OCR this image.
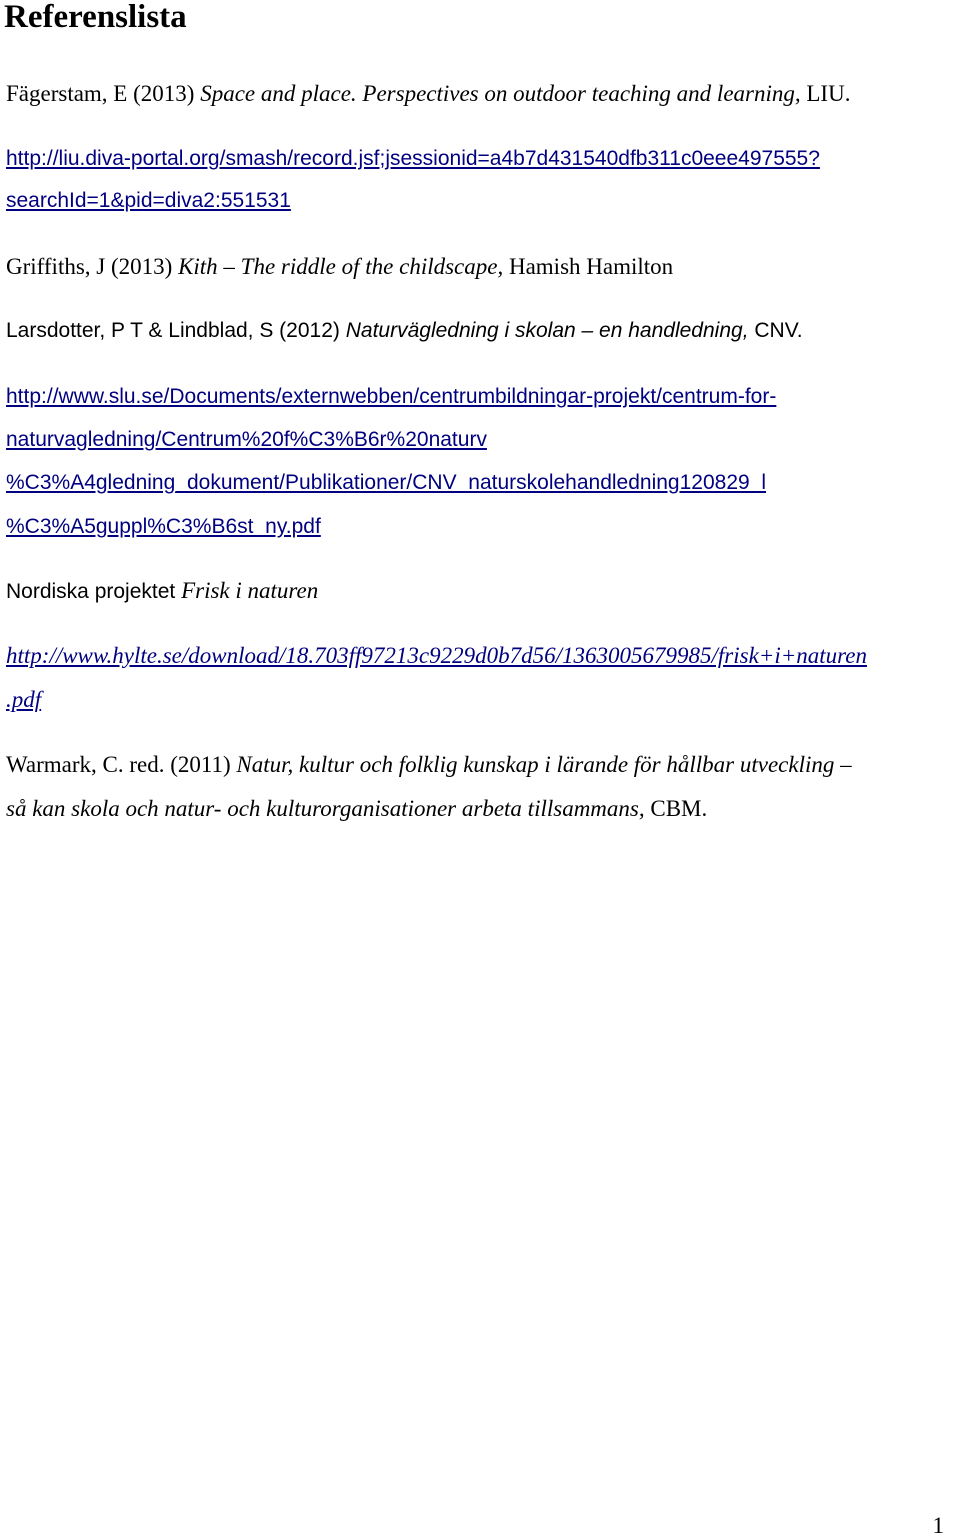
Referenslista
Fägerstam, E (2013) Space and place. Perspectives on outdoor teaching and learning, LIU.
http://liu.diva-portal.org/smash/record.jsf;jsessionid=a4b7d431540dfb311c0eee497555?
searchId=1&pid=diva2:551531
Griffiths, J (2013) Kith – The riddle of the childscape, Hamish Hamilton
Larsdotter, P T & Lindblad, S (2012) Naturvägledning i skolan – en handledning, CNV.
http://www.slu.se/Documents/externwebben/centrumbildningar-projekt/centrum-for-
naturvagledning/Centrum%20f%C3%B6r%20naturv
%C3%A4gledning_dokument/Publikationer/CNV_naturskolehandledning120829_l
%C3%A5guppl%C3%B6st_ny.pdf
Nordiska projektet Frisk i naturen
http://www.hylte.se/download/18.703ff97213c9229d0b7d56/1363005679985/frisk+i+naturen
.pdf
Warmark, C. red. (2011) Natur, kultur och folklig kunskap i lärande för hållbar utveckling –
så kan skola och natur- och kulturorganisationer arbeta tillsammans, CBM.
1
